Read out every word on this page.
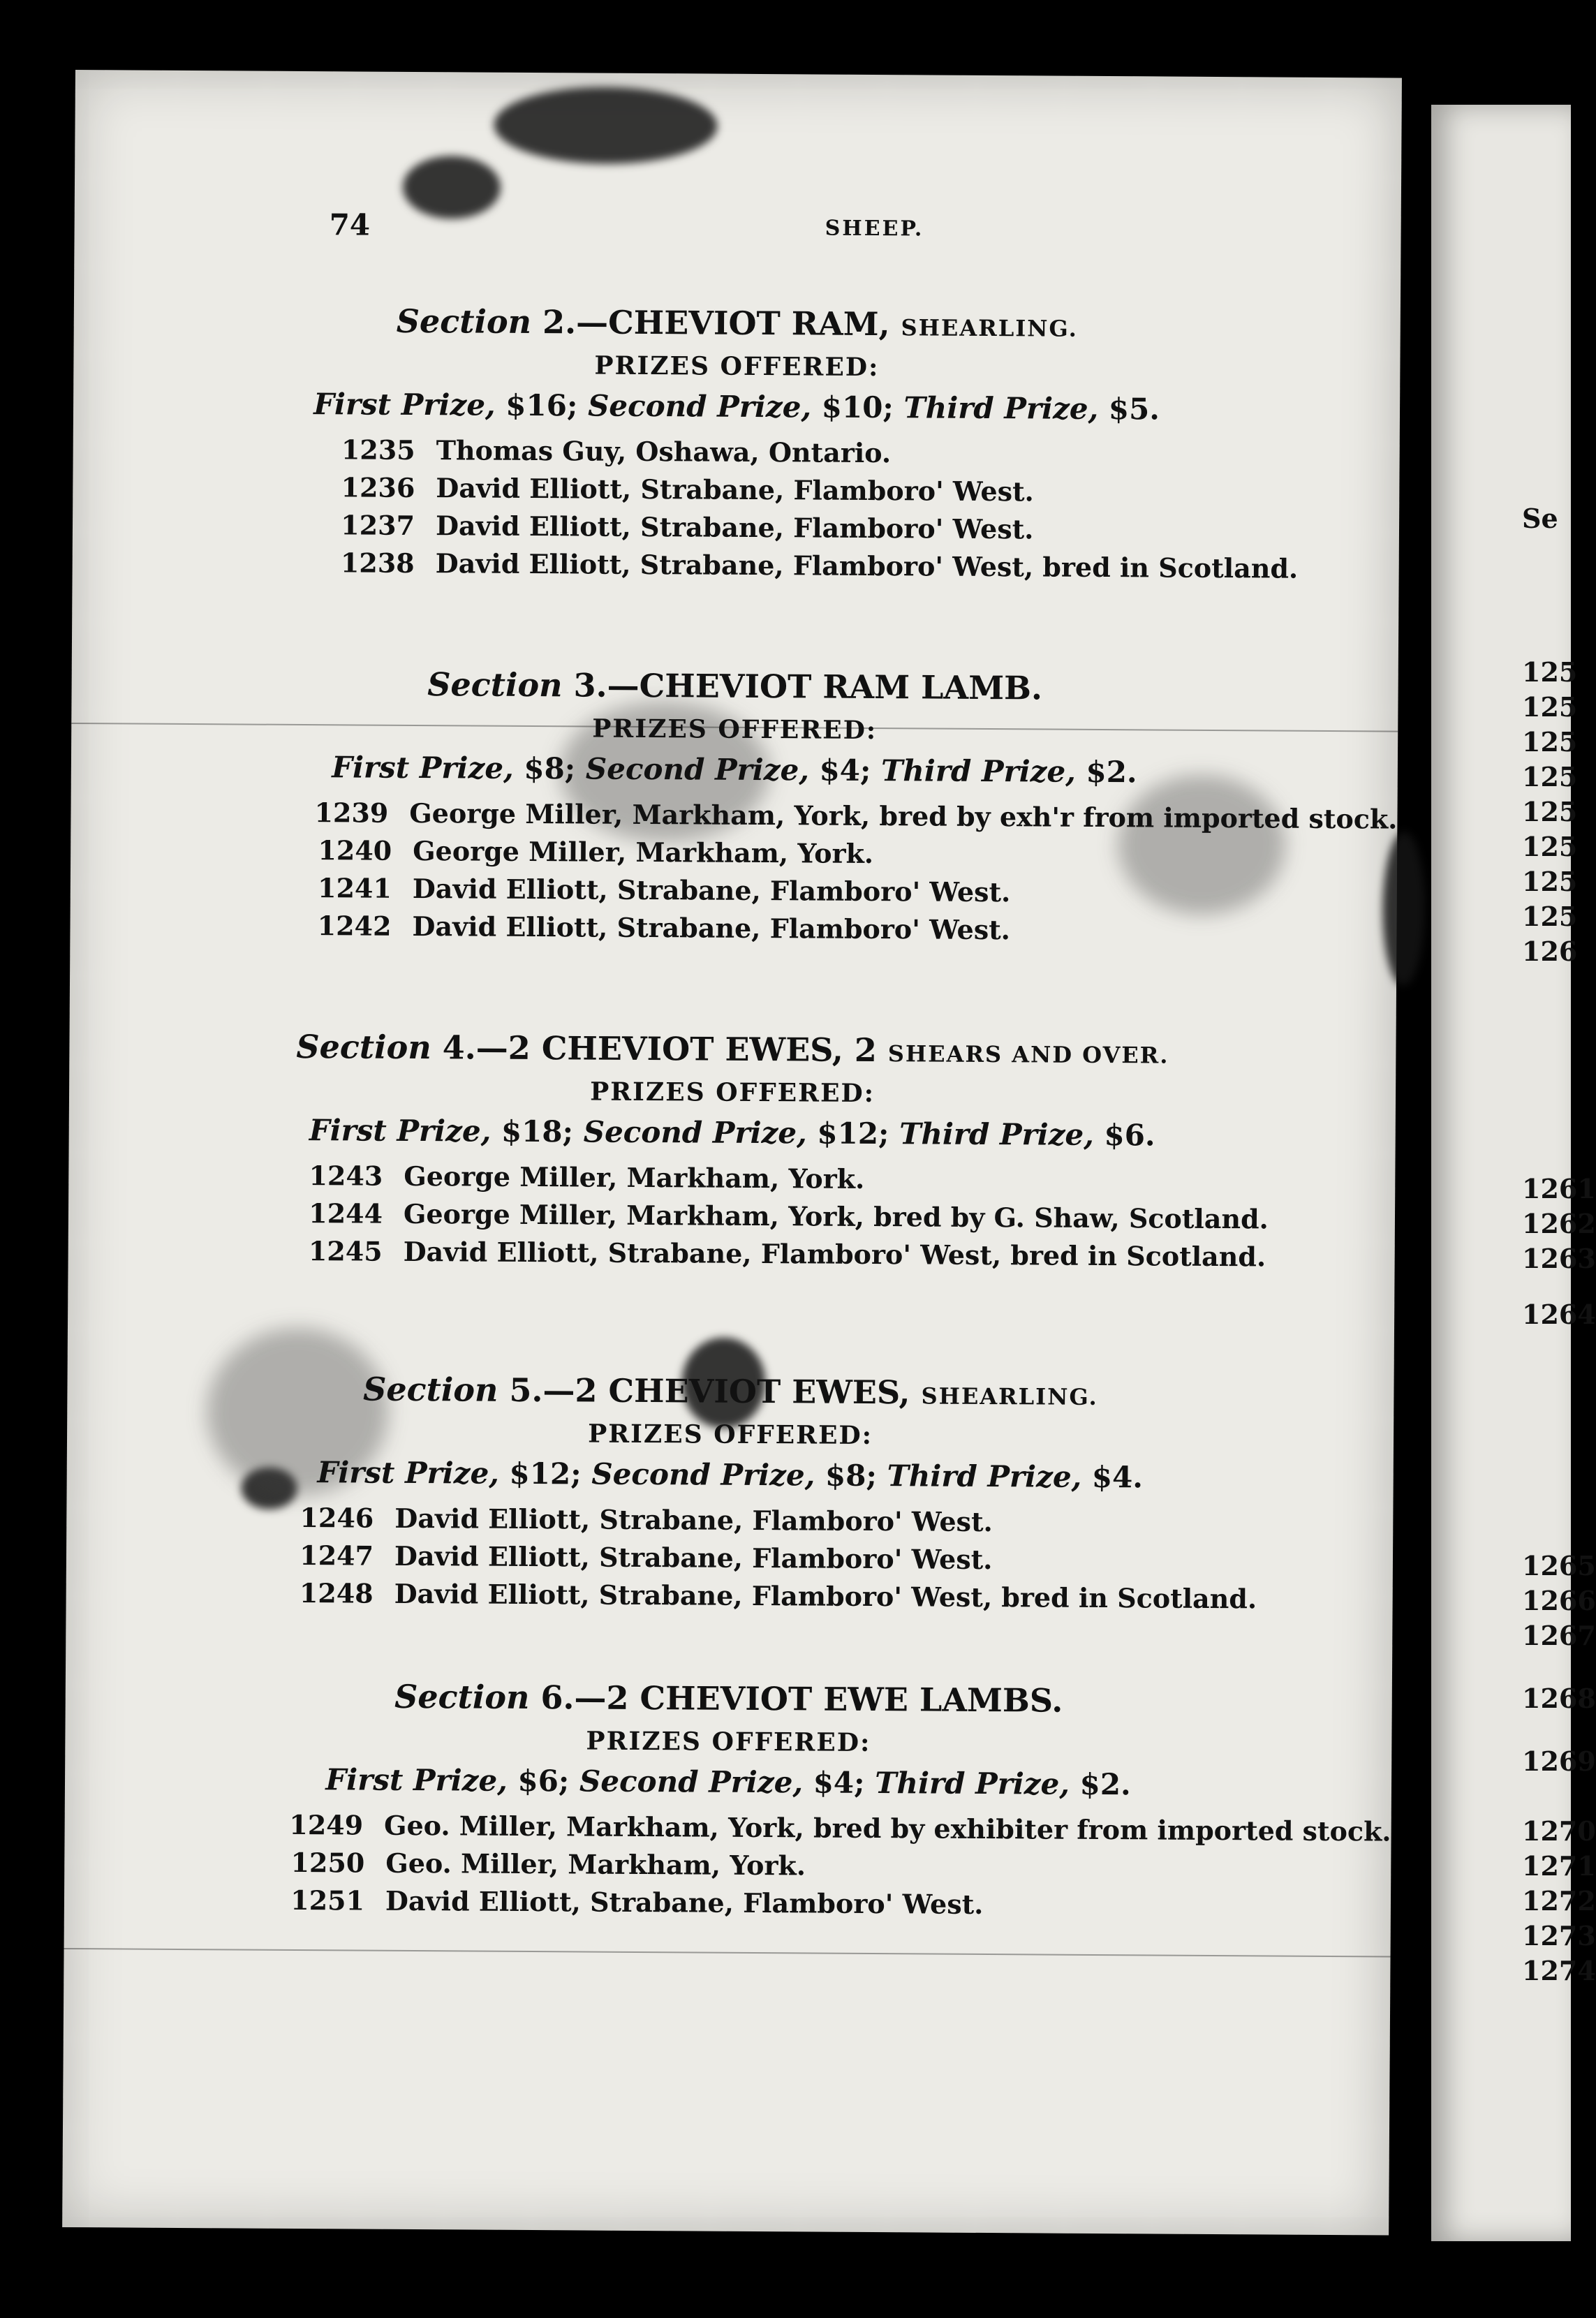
74	SHEEP.
Section 2.—CHEVIOT RAM, SHEARLING.
PRIZES OFFERED:
First Prize, $16; Second Prize, $10; Third Prize, $5.
1235 Thomas Guy, Oshawa, Ontario.
1236 David Elliott, Strabane, Flamboro' West.
1237 David Elliott, Strabane, Flamboro' West.
1238 David Elliott, Strabane, Flamboro' West, bred in Scotland.
Section 3.—CHEVIOT RAM LAMB.
PRIZES OFFERED:
First Prize, $8; Second Prize, $4; Third Prize, $2.
1239 George Miller, Markham, York, bred by exh'r from imported stock.
1240 George Miller, Markham, York.
1241 David Elliott, Strabane, Flamboro' West.
1242 David Elliott, Strabane, Flamboro' West.
Section 4.—2 CHEVIOT EWES, 2 SHEARS AND OVER.
PRIZES OFFERED:
First Prize, $18; Second Prize, $12; Third Prize, $6.
1243 George Miller, Markham, York.
1244 George Miller, Markham, York, bred by G. Shaw, Scotland.
1245 David Elliott, Strabane, Flamboro' West, bred in Scotland.
Section 5.—2 CHEVIOT EWES, SHEARLING.
PRIZES OFFERED:
First Prize, $12; Second Prize, $8; Third Prize, $4.
1246 David Elliott, Strabane, Flamboro' West.
1247 David Elliott, Strabane, Flamboro' West.
1248 David Elliott, Strabane, Flamboro' West, bred in Scotland.
Section 6.—2 CHEVIOT EWE LAMBS.
PRIZES OFFERED:
First Prize, $6; Second Prize, $4; Third Prize, $2.
1249 Geo. Miller, Markham, York, bred by exhibiter from imported stock.
1250 Geo. Miller, Markham, York.
1251 David Elliott, Strabane, Flamboro' West.
Se
125
125
125
125
125
125
125
125
126
1261
1262
1263
1264
1265
1266
1267
1268
1269
1270
1271
1272
1273
1274
